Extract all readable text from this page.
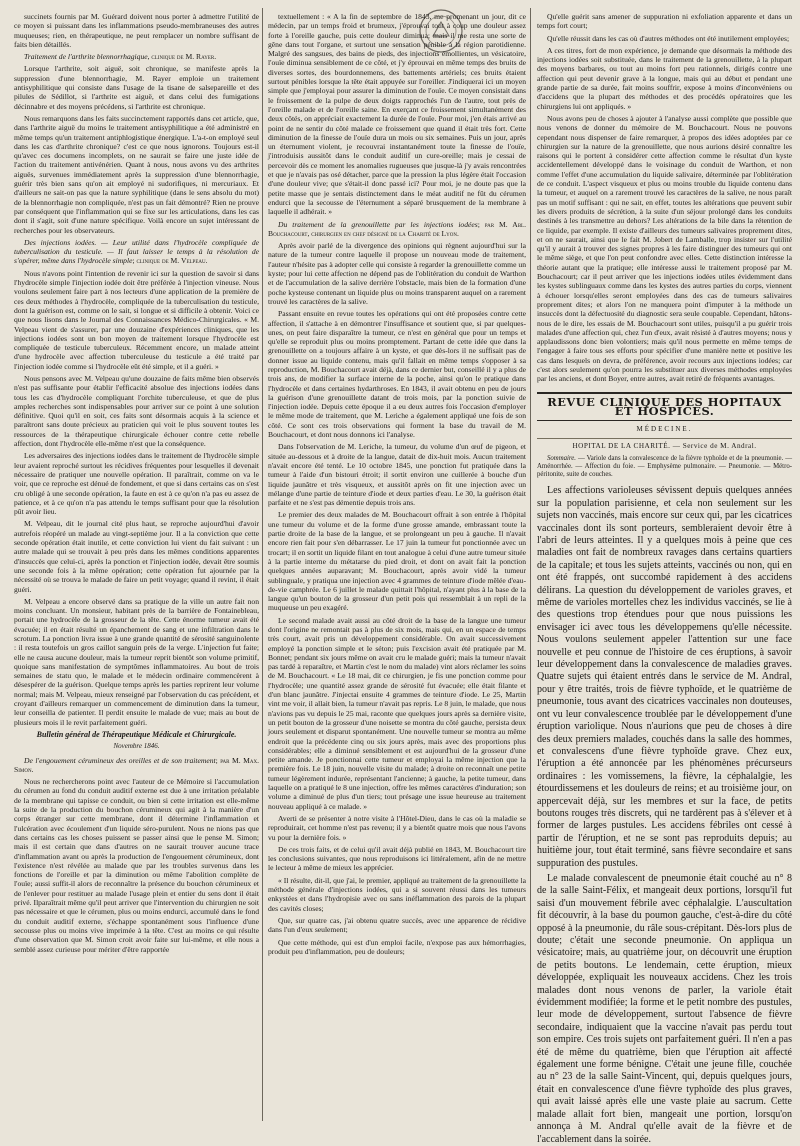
succinets fournis par M. Guérard doivent nous porter à admettre l'utilité de ce moyen si puissant dans les inflammations pseudo-membraneuses des autres muqueuses; rien, en thérapeutique, ne peut remplacer un nombre suffisant de faits bien détaillés.

Traitement de l'arthrite blennorrhagique, clinique de M. Rayer.

Lorsque l'arthrite, soit aiguë, soit chronique, se manifeste après la suppression d'une blennorrhagie, M. Rayer emploie un traitement antisyphilitique qui consiste dans l'usage de la tisane de salsepareille et des pilules de Sédillot, si l'arthrite est aiguë, et dans celui des fumigations décinnabre et des moyens précédens, si l'arthrite est chronique.

Nous remarquons dans les faits succinctement rapportés dans cet article, que, dans l'arthrite aiguë du moins le traitement antisyphilitique a été administré en même temps qu'un traitement antiphlogistique énergique. L'a-t-on employé seul dans les cas d'arthrite chronique? c'est ce que nous ignorons. Toujours est-il qu'avec ces documens incomplets, on ne saurait se faire une juste idée de l'action du traitement antivénérien. Quant à nous, nous avons vu des arthrites aiguës, survenues immédiatement après la suppression d'une blennorrhagie, guérir très bien sans qu'on ait employé ni sudorifiques, ni mercuriaux. Et d'ailleurs ne sait-on pas que la nature syphilitique (dans le sens absolu du mot) de la blennorrhagie non compliquée, n'est pas un fait démontré? Rien ne prouve par conséquent que l'inflammation qui se fixe sur les articulations, dans les cas dont il s'agit, soit d'une nature spécifique. Voilà encore un sujet intéressant de recherches pour les observateurs.

Des injections iodées. — Leur utilité dans l'hydrocèle compliquée de tuberculisation du testicule. — Il faut laisser le temps à la résolution de s'opérer, même dans l'hydrocèle simple; clinique de M. Velpeau.

Nous n'avons point l'intention de revenir ici sur la question de savoir si dans l'hydrocèle simple l'injection iodée doit être préférée à l'injection vineuse. Nous voulons seulement faire part à nos lecteurs d'une application de la première de ces deux méthodes à l'hydrocèle, compliquée de la tuberculisation du testicule, dont la guérison est, comme on le sait, si longue et si difficile à obtenir. Voici ce que nous lisons dans le Journal des Connaissances Médico-Chirurgicales. « M. Velpeau vient de s'assurer, par une douzaine d'expériences cliniques, que les injections iodées sont un bon moyen de traitement lorsque l'hydrocèle est compliquée de testicule tuberculeux. Récemment encore, un malade atteint d'une hydrocèle avec affection tuberculeuse du testicule a été traité par l'injection iodée comme si l'hydrocèle eût été simple, et il a guéri. »

Nous pensons avec M. Velpeau qu'une douzaine de faits même bien observés n'est pas suffisante pour établir l'efficacité absolue des injections iodées dans tous les cas d'hydrocèle compliquant l'orchite tuberculeuse, et que de plus amples recherches sont indispensables pour arriver sur ce point à une solution définitive. Quoi qu'il en soit, ces faits sont désormais acquis à la science et paraîtront sans doute précieux au praticien qui voit le plus souvent toutes les ressources de la thérapeutique chirurgicale échouer contre cette rebelle affection, dont l'hydrocèle elle-même n'est que la conséquence.

Les adversaires des injections iodées dans le traitement de l'hydrocèle simple leur avaient reproché surtout les récidives fréquentes pour lesquelles il devenait nécessaire de pratiquer une nouvelle opération. Il paraîtrait, comme on va le voir, que ce reproche est dénué de fondement, et que si dans certains cas on s'est cru obligé à une seconde opération, la faute en est à ce qu'on n'a pas eu assez de patience, et à ce qu'on n'a pas attendu le temps suffisant pour que la résolution pût avoir lieu.

M. Velpeau, dit le journal cité plus haut, se reproche aujourd'hui d'avoir autrefois réopéré un malade au vingt-septième jour. Il a la conviction que cette seconde opération était inutile, et cette conviction lui vient du fait suivant : un autre malade qui se trouvait à peu près dans les mêmes conditions apparentes d'insuccès que celui-ci, après la ponction et l'injection iodée, devait être soumis une seconde fois à la même opération; cette opération fut ajournée par la nécessité où se trouva le malade de faire un petit voyage; quand il revint, il était guéri.

M. Velpeau a encore observé dans sa pratique de la ville un autre fait non moins concluant. Un monsieur, habitant près de la barrière de Fontainebleau, portait une hydrocèle de la grosseur de la tête. Cette énorme tumeur avait été évacuée; il en était résulté un épanchement de sang et une infiltration dans le scrotum. La ponction livra issue à une grande quantité de sérosité sanguinolente : il resta toutefois un gros caillot sanguin près de la verge. L'injection fut faite; elle ne causa aucune douleur, mais la tumeur reprit bientôt son volume primitif, quoique sans manifestation de symptômes inflammatoires. Au bout de trois semaines de statu quo, le malade et le médecin ordinaire commencèrent à désespérer de la guérison. Quelque temps après les parties reprirent leur volume normal; mais M. Velpeau, mieux renseigné par l'observation du cas précédent, et croyant d'ailleurs remarquer un commencement de diminution dans la tumeur, leur conseilla de patienter. Il perdit ensuite le malade de vue; mais au bout de plusieurs mois il le revit parfaitement guéri.

Bulletin général de Thérapeutique Médicale et Chirurgicale.

Novembre 1846.

De l'engouement cérumineux des oreilles et de son traitement; par M. Max. Simon.

Nous ne rechercherons point avec l'auteur de ce Mémoire si l'accumulation du cérumen au fond du conduit auditif externe est due à une irritation préalable de la membrane qui tapisse ce conduit, ou bien si cette irritation est elle-même la suite de la production du bouchon cérumineux qui agit à la manière d'un corps étranger sur cette membrane, dont il détermine l'inflammation et l'ulcération avec écoulement d'un liquide séro-purulent. Nous ne nions pas que dans certains cas les choses puissent se passer ainsi que le pense M. Simon; mais il est certain que dans d'autres on ne saurait trouver aucune trace d'inflammation avant ou après la production de l'engouement cérumineux, dont l'existence n'est révélée au malade que par les troubles survenus dans les fonctions de l'oreille et par la diminution ou même l'abolition complète de l'ouïe; aussi suffit-il alors de reconnaître la présence du bouchon cérumineux et de l'enlever pour restituer au malade l'usage plein et entier du sens dont il était privé. Ilparaîtrait même qu'il peut arriver que l'intervention du chirurgien ne soit pas nécessaire et que le cérumen, plus ou moins endurci, accumulé dans le fond du conduit auditif externe, s'échappe spontanément sous l'influence d'une secousse plus ou moins vive imprimée à la tête. C'est au moins ce qui résulte d'une observation que M. Simon croit avoir faite sur lui-même, et elle nous a semblé assez curieuse pour mériter d'être rapportée

textuellement : « A la fin de septembre de 1843, me promenant un jour, dit ce médecin, par un temps froid et brumeux, j'éprouvai tout à coup une douleur assez forte à l'oreille gauche, puis cette douleur diminua; mais il me resta une sorte de gêne dans tout l'organe, et surtout une sensation pénible à la région parotidienne. Malgré des sangsues, des bains de pieds, des injections émollientes, un vésicatoire, l'ouïe diminua sensiblement de ce côté, et j'y éprouvai en même temps des bruits de diverses sortes, des bourdonnemens, des battements artériels; ces bruits étaient surtout pénibles lorsque la tête était appuyée sur l'oreiller. J'indiquerai ici un moyen simple que j'employai pour assurer la diminution de l'ouïe. Ce moyen consistait dans le froissement de la pulpe de deux doigts rapprochés l'un de l'autre, tout près de l'oreille malade et de l'oreille saine. En exerçant ce froissement simultanément des deux côtés, on appréciait exactement la durée de l'ouïe. Pour moi, j'en étais arrivé au point de ne sentir du côté malade ce froissement que quand il était très fort. Cette diminution de la finesse de l'ouïe dura un mois ou six semaines. Puis un jour, après un éternument violent, je recouvrai instantanément toute la finesse de l'ouïe, j'introduisis aussitôt dans le conduit auditif un cure-oreille; mais je cessai de percevoir dès ce moment les anomalies rugueuses que jusque-là j'y avais rencontrées et que je n'avais pas osé détacher, parce que la pression la plus légère était l'occasion d'une douleur vive; que s'était-il donc passé ici? Pour moi, je ne doute pas que la petite masse que je sentais distinctement dans le méat auditif ne fût du cérumen endurci que la secousse de l'éternument a séparé brusquement de la membrane à laquelle il adhérait. »

Du traitement de la grenouillette par les injections iodées; par M. Abl. Bouchacourt, chirurgien en chef désigné de la Charité de Lyon.

Après avoir parlé de la divergence des opinions qui règnent aujourd'hui sur la nature de la tumeur contre laquelle il propose un nouveau mode de traitement, l'auteur n'hésite pas à adopter celle qui consiste à regarder la grenouillette comme un kyste; pour lui cette affection ne dépend pas de l'oblitération du conduit de Warthon et de l'accumulation de la salive derrière l'obstacle, mais bien de la formation d'une poche kysteuse contenant un liquide plus ou moins transparent auquel on a rarement trouvé les caractères de la salive.

Passant ensuite en revue toutes les opérations qui ont été proposées contre cette affection, il s'attache à en démontrer l'insuffisance et soutient que, si par quelques-unes, on peut faire disparaître la tumeur, ce n'est en général que pour un temps et qu'elle se reproduit plus ou moins promptement. Partant de cette idée que dans la grenouillette on a toujours affaire à un kyste, et que dès-lors il ne suffisait pas de donner issue au liquide contenu, mais qu'il fallait en même temps s'opposer à sa reproduction, M. Bouchacourt avait déjà, dans ce dernier but, conseillé il y a plus de trois ans, de modifier la surface interne de la poche, ainsi qu'on le pratique dans l'hydrocèle et dans certaines hydarthroses. En 1843, il avait obtenu en peu de jours la guérison d'une grenouillette datant de trois mois, par la ponction suivie de l'injection iodée. Depuis cette époque il a eu deux autres fois l'occasion d'employer le même mode de traitement, que M. Leriche a également appliqué une fois de son côté. Ce sont ces trois observations qui forment la base du travail de M. Bouchacourt, et dont nous donnons ici l'analyse.

Dans l'observation de M. Leriche, la tumeur, du volume d'un œuf de pigeon, et située au-dessous et à droite de la langue, datait de dix-huit mois. Aucun traitement n'avait encore été tenté. Le 10 octobre 1845, une ponction fut pratiquée dans la tumeur à l'aide d'un bistouri étroit; il sortit environ une cuillerée à bouche d'un liquide jaunâtre et très visqueux, et aussitôt après on fit une injection avec un mélange d'une partie de teinture d'iode et deux parties d'eau. Le 30, la guérison était parfaite et ne s'est pas démentie depuis trois ans.

Le premier des deux malades de M. Bouchacourt offrait à son entrée à l'hôpital une tumeur du volume et de la forme d'une grosse amande, embrassant toute la partie droite de la base de la langue, et se prolongeant un peu à gauche. Il n'avait encore rien fait pour s'en débarrasser. Le 17 juin la tumeur fut ponctionnée avec un trocart; il en sortit un liquide filant en tout analogue à celui d'une autre tumeur située à la partie interne du métatarse du pied droit, et dont on avait fait la ponction quelques années auparavant; M. Bouchacourt, après avoir vidé la tumeur sublinguale, y pratiqua une injection avec 4 grammes de teinture d'iode mêlée d'eau-de-vie camphrée. Le 6 juillet le malade quittait l'hôpital, n'ayant plus à la base de la langue qu'un bouton de la grosseur d'un petit pois qui ressemblait à un repli de la muqueuse un peu exagéré.

Le second malade avait aussi au côté droit de la base de la langue une tumeur dont l'origine ne remontait pas à plus de six mois, mais qui, en un espace de temps très court, avait pris un développement considérable. On avait successivement employé la ponction simple et le séton; puis l'excision avait été pratiquée par M. Bonnet; pendant six jours même on avait cru le malade guéri; mais la tumeur n'avait pas tardé à reparaître, et Martin c'est le nom du malade) vint alors réclamer les soins de M. Bouchacourt. « Le 18 mai, dit ce chirurgien, je fis une ponction comme pour l'hydrocèle; une quantité assez grande de sérosité fut évacuée; elle était filante et d'un blanc jaunâtre. J'injectai ensuite 4 grammes de teinture d'iode. Le 25, Martin vint me voir, il allait bien, la tumeur n'avait pas repris. Le 8 juin, le malade, que nous n'avions pas vu depuis le 25 mai, raconte que quelques jours après sa dernière visite, un petit bouton de la grosseur d'une noisette se montra du côté gauche, persista deux jours seulement et disparut spontanément. Une nouvelle tumeur se montra au même endroit que la précédente cinq ou six jours après, mais avec des proportions plus considérables; elle a diminué sensiblement et est aujourd'hui de la grosseur d'une petite amande. Je ponctionnai cette tumeur et employai la même injection que la première fois. Le 18 juin, nouvelle visite du malade; à droite on reconnaît une petite tumeur légèrement indurée, représentant l'ancienne; à gauche, la petite tumeur, dans laquelle on a pratiqué le 8 une injection, offre les mêmes caractères d'induration; son volume a diminué de plus d'un tiers; tout présage une issue heureuse au traitement nouveau appliqué à ce malade. »

Averti de se présenter à notre visite à l'Hôtel-Dieu, dans le cas où la maladie se reproduirait, cet homme n'est pas revenu; il y a bientôt quatre mois que nous l'avons vu pour la dernière fois. »

De ces trois faits, et de celui qu'il avait déjà publié en 1843, M. Bouchacourt tire les conclusions suivantes, que nous reproduisons ici littéralement, afin de ne mettre le lecteur à même de mieux les apprécier.

« Il résulte, dit-il, que j'ai, le premier, appliqué au traitement de la grenouillette la méthode générale d'injections iodées, qui a si souvent réussi dans les tumeurs enkystées et dans l'hydropisie avec ou sans inéflammation des parois de la plupart des cavités closes;

Que, sur quatre cas, j'ai obtenu quatre succès, avec une apparence de récidive dans l'un d'eux seulement;

Que cette méthode, qui est d'un emploi facile, n'expose pas aux hémorrhagies, produit peu d'inflammation, peu de douleurs;

Qu'elle guérit sans amener de suppuration ni exfoliation apparente et dans un temps fort court;

Qu'elle réussit dans les cas où d'autres méthodes ont été inutilement employées;

A ces titres, fort de mon expérience, je demande que désormais la méthode des injections iodées soit substituée, dans le traitement de la grenouillette, à la plupart des moyens barbares, ou tout au moins fort peu rationnels, dirigés contre une affection qui peut devenir grave à la longue, mais qui au début et pendant une grande partie de sa durée, fait moins souffrir, expose à moins d'inconvéniens ou d'accidens que la plupart des méthodes et des procédés opératoires que les chirurgiens lui ont appliqués. »

Nous avons peu de choses à ajouter à l'analyse aussi complète que possible que nous venons de donner du mémoire de M. Bouchacourt. Nous ne pouvons cependant nous dispenser de faire remarquer, à propos des idées adoptées par ce chirurgien sur la nature de la grenouillette, que nous aurions désiré connaître les raisons qui le portent à considérer cette affection comme le résultat d'un kyste accidentellement développé dans le voisinage du conduit de Warthon, et non comme l'effet d'une accumulation du liquide salivaire, déterminée par l'oblitération de ce conduit. L'aspect visqueux et plus ou moins trouble du liquide contenu dans la tumeur, et auquel on a rarement trouvé les caractères de la salive, ne nous paraît pas un motif suffisant : qui ne sait, en effet, toutes les altérations que peuvent subir les divers produits de sécrétion, à la suite d'un séjour prolongé dans les conduits destinés à les transmettre au dehors? Les altérations de la bile dans la rétention de ce liquide, par exemple. Il existe d'ailleurs des tumeurs salivaires proprement dites, et on ne saurait, ainsi que le fait M. Jobert de Lamballe, trop insister sur l'utilité qu'il y aurait à trouver des signes propres à les faire distinguer des tumeurs qui ont le même siège, et que l'on peut confondre avec elles. Cette distinction intéresse la théorie autant que la pratique; elle intéresse aussi le traitement proposé par M. Bouchacourt; car il peut arriver que les injections iodées utiles évidemment dans les kystes sublinguaux comme dans les kystes des autres parties du corps, viennent à échouer lorsqu'elles seront employées dans des cas de tumeurs salivaires proprement dites; et alors l'on ne manquera point d'imputer à la méthode un insuccès dont la défectuosité du diagnostic sera seule coupable. Cependant, hâtons-nous de le dire, les essais de M. Bouchacourt sont utiles, puisqu'il a pu guérir trois malades d'une affection qui, chez l'un d'eux, avait résisté à d'autres moyens; nous y applaudissons donc bien volontiers; mais qu'il nous permette en même temps de l'engager à faire tous ses efforts pour spécifier d'une manière nette et positive les cas dans lesquels on devra, de préférence, avoir recours aux injections iodées; car c'est alors seulement qu'on pourra les substituer aux diverses méthodes employées par les anciens, et dont Boyer, entre autres, avait retiré de fréquents avantages.

REVUE CLINIQUE DES HOPITAUX ET HOSPICES.

MÉDECINE.

HOPITAL DE LA CHARITÉ. — Service de M. Andral.

Sommaire. — Variole dans la convalescence de la fièvre typhoïde et de la pneumonie. — Aménorrhée. — Affection du foie. — Emphysème pulmonaire. — Pneumonie. — Métro-péritonite, suite de couches.

Les affections varioleuses sévissent depuis quelques années sur la population parisienne, et cela non seulement sur les sujets non vaccinés, mais encore sur ceux qui, par les cicatrices vaccinales dont ils sont porteurs, sembleraient devoir être à l'abri de leurs atteintes. Il y a quelques mois à peine que ces maladies ont fait de nombreux ravages dans certains quartiers de la capitale; et tous les sujets atteints, vaccinés ou non, qui en ont été frappés, ont succombé rapidement à des accidens délirans. La question du développement de varioles graves, et même de varioles mortelles chez les individus vaccinés, se lie à des questions trop étendues pour que nous puissions les envisager ici avec tous les développemens qu'elle nécessite. Nous voulons seulement appeler l'attention sur une face nouvelle et peu connue de l'histoire de ces éruptions, à savoir leur développement dans la convalescence de maladies graves. Quatre sujets qui étaient entrés dans le service de M. Andral, pour y être traités, trois de fièvre typhoïde, et le quatrième de pneumonie, tous avant des cicatrices vaccinales non douteuses, ont vu leur convalescence troublée par le développement d'une éruption variolique. Nous n'aurions que peu de choses à dire des deux premiers malades, couchés dans la salle des hommes, et convalescens d'une fièvre typhoïde grave. Chez eux, l'éruption a été annoncée par les phénomènes précurseurs ordinaires : les vomissemens, la fièvre, la céphalalgie, les étourdissemens et les douleurs de reins; et au troisième jour, on appercevait déjà, sur les membres et sur la face, de petits boutons rouges très discrets, qui ne tardèrent pas à s'élever et à former de larges pustules. Les accidens fébriles ont cessé à partir de l'éruption, et ne se sont pas reproduits depuis; au huitième jour, tout était terminé, sans fièvre secondaire et sans suppuration des pustules.

Le malade convalescent de pneumonie était couché au n° 8 de la salle Saint-Félix, et mangeait deux portions, lorsqu'il fut saisi d'un mouvement fébrile avec céphalalgie. L'auscultation fit découvrir, à la base du poumon gauche, c'est-à-dire du côté opposé à la pneumonie, du râle sous-crépitant. Dès-lors plus de doute; c'était une seconde pneumonie. On appliqua un vésicatoire; mais, au quatrième jour, on découvrit une éruption de petits boutons. Le lendemain, cette éruption, mieux développée, expliquait les nouveaux accidens. Chez les trois malades dont nous venons de parler, la variole était évidemment modifiée; la forme et le petit nombre des pustules, leur mode de développement, surtout l'absence de fièvre secondaire, indiquaient que la vaccine n'avait pas perdu tout son empire. Ces trois sujets ont parfaitement guéri. Il n'en a pas été de même du quatrième, bien que l'éruption ait affecté également une forme bénigne. C'était une jeune fille, couchée au n° 23 de la salle Saint-Vincent, qui, depuis quelques jours, était en convalescence d'une fièvre typhoïde des plus graves, qui avait laissé après elle une vaste plaie au sacrum. Cette malade allait fort bien, mangeait une portion, lorsqu'on annonça à M. Andral qu'elle avait de la fièvre et de l'accablement dans la soirée.
